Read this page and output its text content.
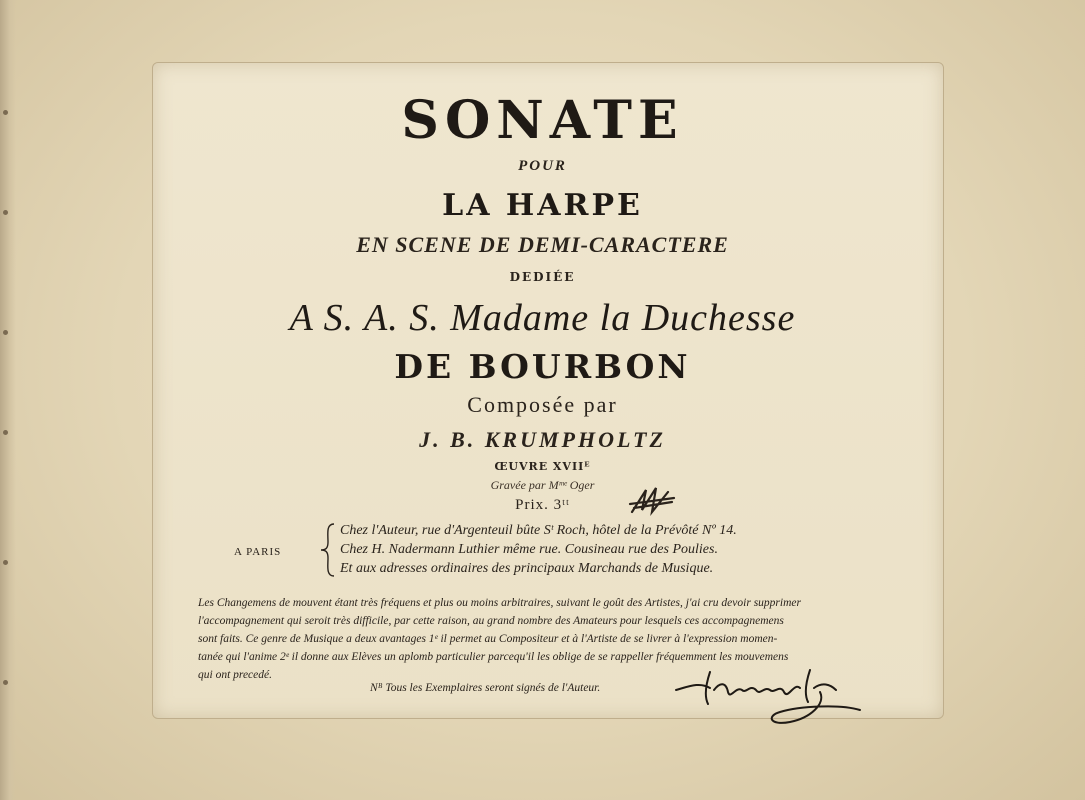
SONATE
POUR
LA HARPE
EN SCENE DE DEMI-CARACTERE
DEDIÉE
A S. A. S. Madame la Duchesse
DE BOURBON
Composée par
J. B. KRUMPHOLTZ
ŒUVRE XVIIᴱ
Gravée par Mᵐᵉ Oger
Prix. 3ᵗᵗ
A PARIS
Chez l'Auteur, rue d'Argenteuil bûte Sᵗ Roch, hôtel de la Prévôté Nº 14.
Chez H. Nadermann Luthier même rue. Cousineau rue des Poulies.
Et aux adresses ordinaires des principaux Marchands de Musique.
Les Changemens de mouvent étant très fréquens et plus ou moins arbitraires, suivant le goût des Artistes, j'ai cru devoir supprimer
l'accompagnement qui seroit très difficile, par cette raison, au grand nombre des Amateurs pour lesquels ces accompagnemens
sont faits. Ce genre de Musique a deux avantages 1ᵉ il permet au Compositeur et à l'Artiste de se livrer à l'expression momen-
tanée qui l'anime 2ᵉ il donne aux Elèves un aplomb particulier parcequ'il les oblige de se rappeller fréquemment les mouvemens
qui ont precedé.
Nᴮ Tous les Exemplaires seront signés de l'Auteur.
